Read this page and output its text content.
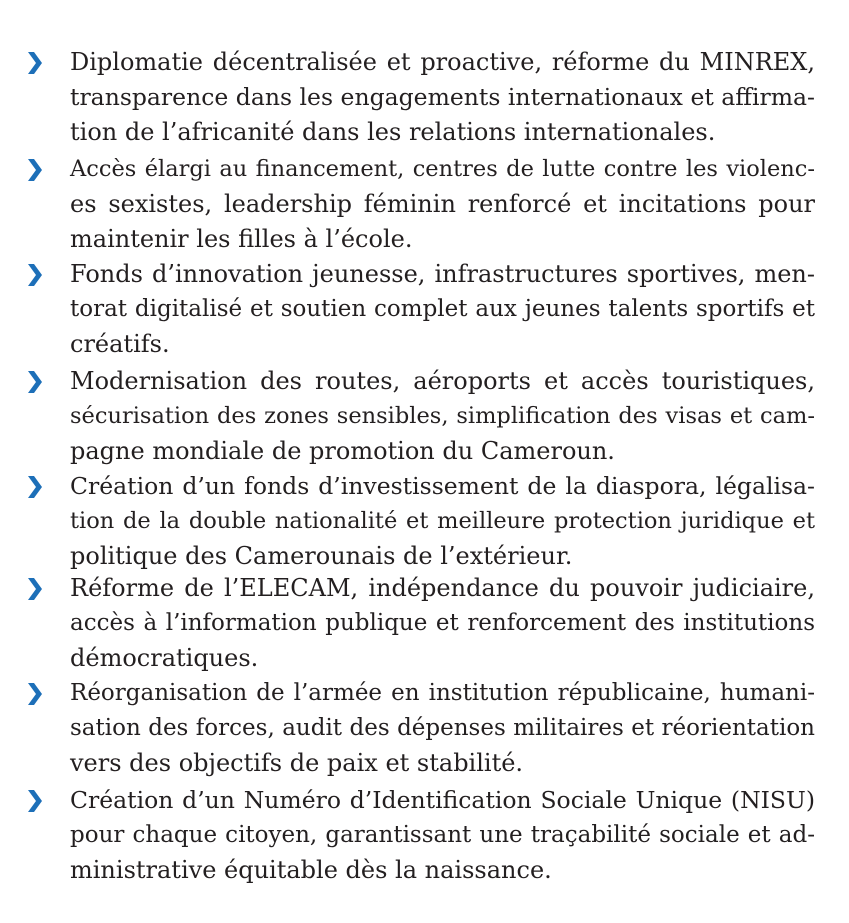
Diplomatie décentralisée et proactive, réforme du MINREX,
transparence dans les engagements internationaux et affirma-
tion de l’africanité dans les relations internationales.
Accès élargi au financement, centres de lutte contre les violenc-
es sexistes, leadership féminin renforcé et incitations pour
maintenir les filles à l’école.
Fonds d’innovation jeunesse, infrastructures sportives, men-
torat digitalisé et soutien complet aux jeunes talents sportifs et
créatifs.
Modernisation des routes, aéroports et accès touristiques,
sécurisation des zones sensibles, simplification des visas et cam-
pagne mondiale de promotion du Cameroun.
Création d’un fonds d’investissement de la diaspora, légalisa-
tion de la double nationalité et meilleure protection juridique et
politique des Camerounais de l’extérieur.
Réforme de l’ELECAM, indépendance du pouvoir judiciaire,
accès à l’information publique et renforcement des institutions
démocratiques.
Réorganisation de l’armée en institution républicaine, humani-
sation des forces, audit des dépenses militaires et réorientation
vers des objectifs de paix et stabilité.
Création d’un Numéro d’Identification Sociale Unique (NISU)
pour chaque citoyen, garantissant une traçabilité sociale et ad-
ministrative équitable dès la naissance.
